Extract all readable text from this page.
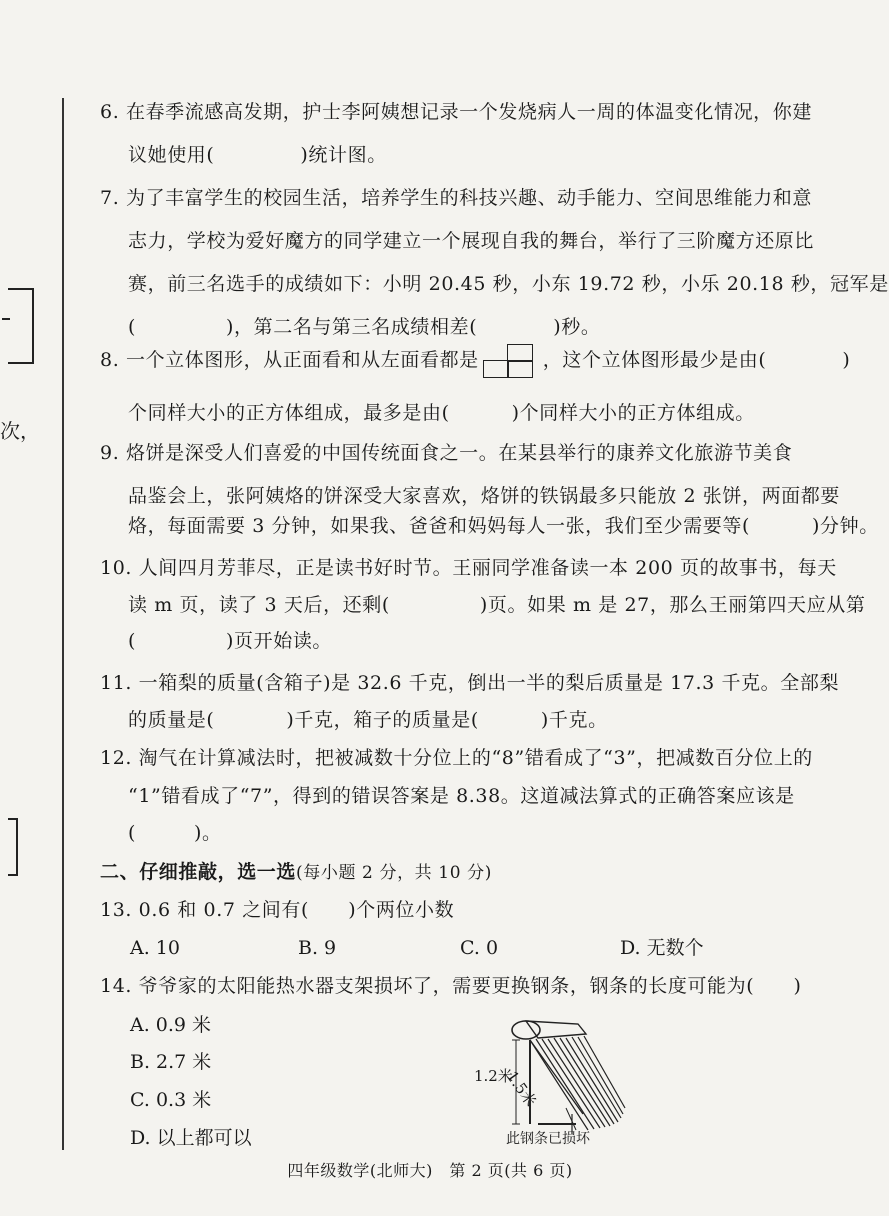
次，
6. 在春季流感高发期，护士李阿姨想记录一个发烧病人一周的体温变化情况，你建
议她使用(	)统计图。
7. 为了丰富学生的校园生活，培养学生的科技兴趣、动手能力、空间思维能力和意
志力，学校为爱好魔方的同学建立一个展现自我的舞台，举行了三阶魔方还原比
赛，前三名选手的成绩如下：小明 20.45 秒，小东 19.72 秒，小乐 20.18 秒，冠军是
(	)，第二名与第三名成绩相差(	)秒。
8. 一个立体图形，从正面看和从左面看都是	，这个立体图形最少是由(	)
个同样大小的正方体组成，最多是由(	)个同样大小的正方体组成。
9. 烙饼是深受人们喜爱的中国传统面食之一。在某县举行的康养文化旅游节美食
品鉴会上，张阿姨烙的饼深受大家喜欢，烙饼的铁锅最多只能放 2 张饼，两面都要
烙，每面需要 3 分钟，如果我、爸爸和妈妈每人一张，我们至少需要等(	)分钟。
10. 人间四月芳菲尽，正是读书好时节。王丽同学准备读一本 200 页的故事书，每天
读 m 页，读了 3 天后，还剩(	)页。如果 m 是 27，那么王丽第四天应从第
(	)页开始读。
11. 一箱梨的质量(含箱子)是 32.6 千克，倒出一半的梨后质量是 17.3 千克。全部梨
的质量是(	)千克，箱子的质量是(	)千克。
12. 淘气在计算减法时，把被减数十分位上的“8”错看成了“3”，把减数百分位上的
“1”错看成了“7”，得到的错误答案是 8.38。这道减法算式的正确答案应该是
(	)。
二、仔细推敲，选一选(每小题 2 分，共 10 分)
13. 0.6 和 0.7 之间有(　　)个两位小数
A. 10	B. 9	C. 0	D. 无数个
14. 爷爷家的太阳能热水器支架损坏了，需要更换钢条，钢条的长度可能为(　　)
A. 0.9 米
B. 2.7 米
C. 0.3 米
D. 以上都可以
1.2米
1.5米
此钢条已损坏
四年级数学(北师大)　第 2 页(共 6 页)
